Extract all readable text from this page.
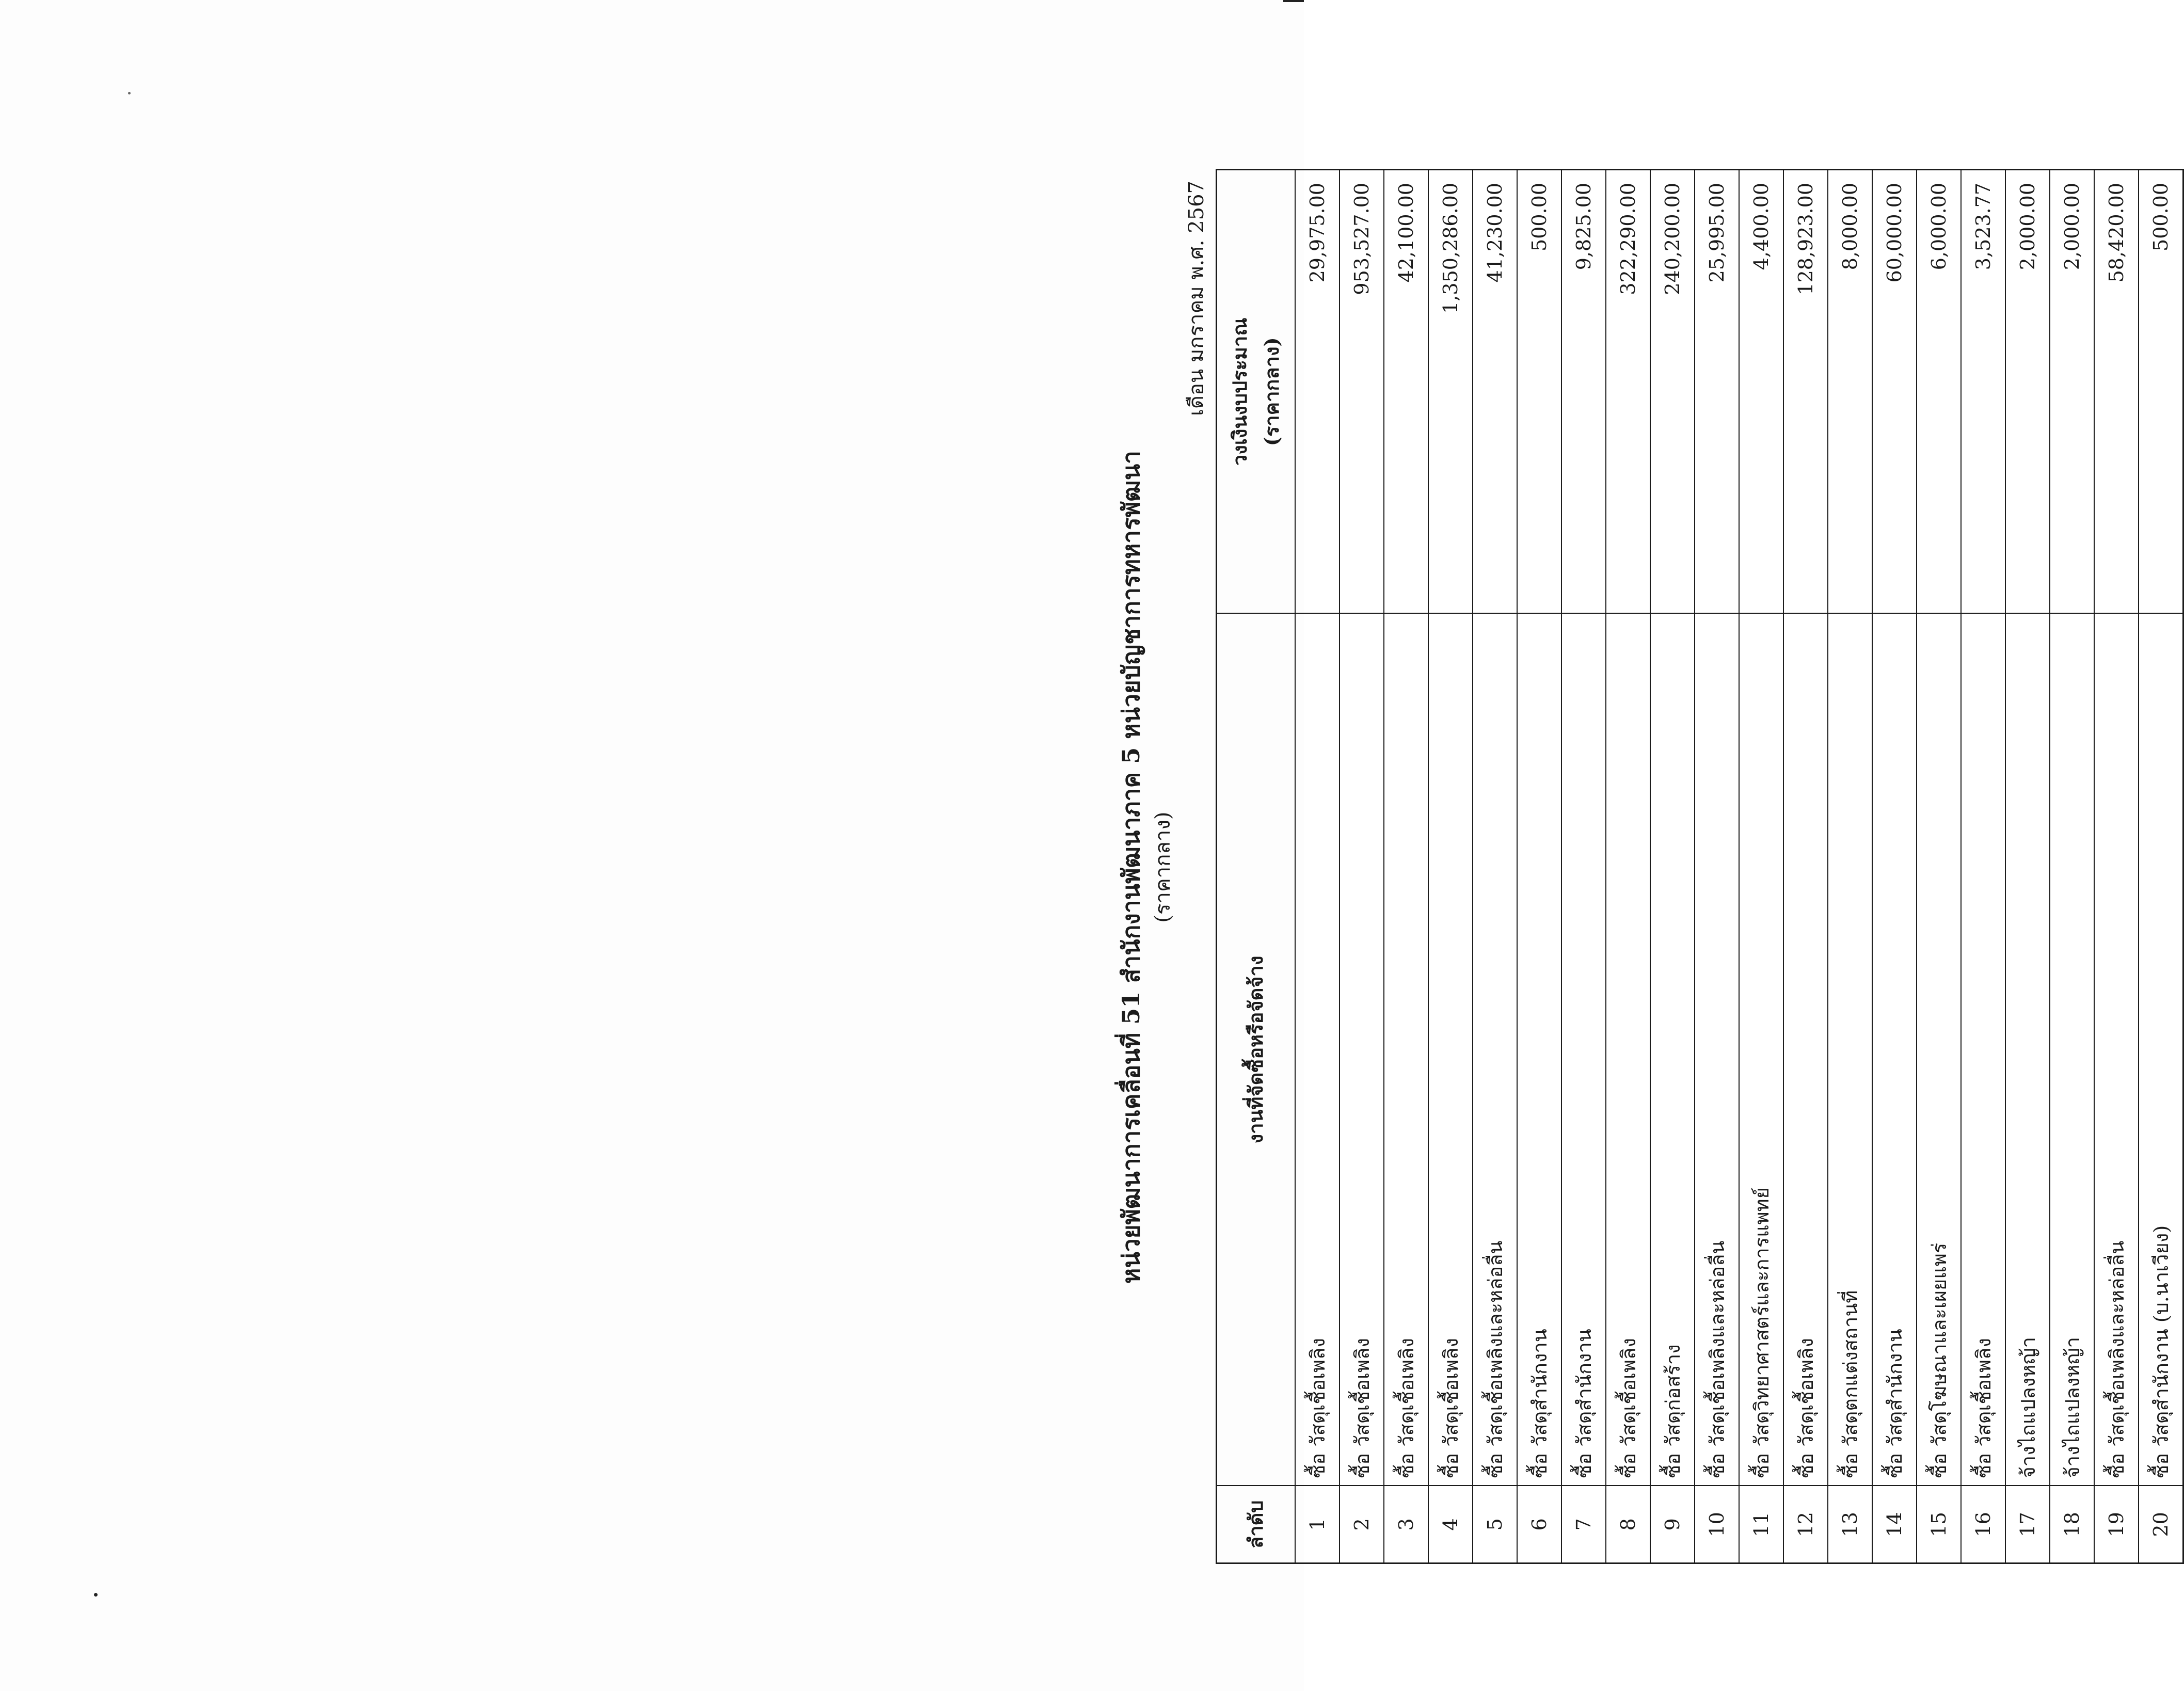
หน่วยพัฒนาการเคลื่อนที่ 51 สำนักงานพัฒนาภาค 5 หน่วยบัญชาการทหารพัฒนา (ราคากลาง)
เดือน มกราคม พ.ศ. 2567
ลำดับ	งานที่จัดซื้อหรือจัดจ้าง	วงเงินงบประมาณ (ราคากลาง)

1	ซื้อ วัสดุเชื้อเพลิง	29,975.00
2	ซื้อ วัสดุเชื้อเพลิง	953,527.00
3	ซื้อ วัสดุเชื้อเพลิง	42,100.00
4	ซื้อ วัสดุเชื้อเพลิง	1,350,286.00
5	ซื้อ วัสดุเชื้อเพลิงและหล่อลื่น	41,230.00
6	ซื้อ วัสดุสำนักงาน	500.00
7	ซื้อ วัสดุสำนักงาน	9,825.00
8	ซื้อ วัสดุเชื้อเพลิง	322,290.00
9	ซื้อ วัสดุก่อสร้าง	240,200.00
10	ซื้อ วัสดุเชื้อเพลิงและหล่อลื่น	25,995.00
11	ซื้อ วัสดุวิทยาศาสตร์และการแพทย์	4,400.00
12	ซื้อ วัสดุเชื้อเพลิง	128,923.00
13	ซื้อ วัสดุตกแต่งสถานที่	8,000.00
14	ซื้อ วัสดุสำนักงาน	60,000.00
15	ซื้อ วัสดุโฆษณาและเผยแพร่	6,000.00
16	ซื้อ วัสดุเชื้อเพลิง	3,523.77
17	จ้างไถแปลงหญ้า	2,000.00
18	จ้างไถแปลงหญ้า	2,000.00
19	ซื้อ วัสดุเชื้อเพลิงและหล่อลื่น	58,420.00
20	ซื้อ วัสดุสำนักงาน (บ.นาเวียง)	500.00
